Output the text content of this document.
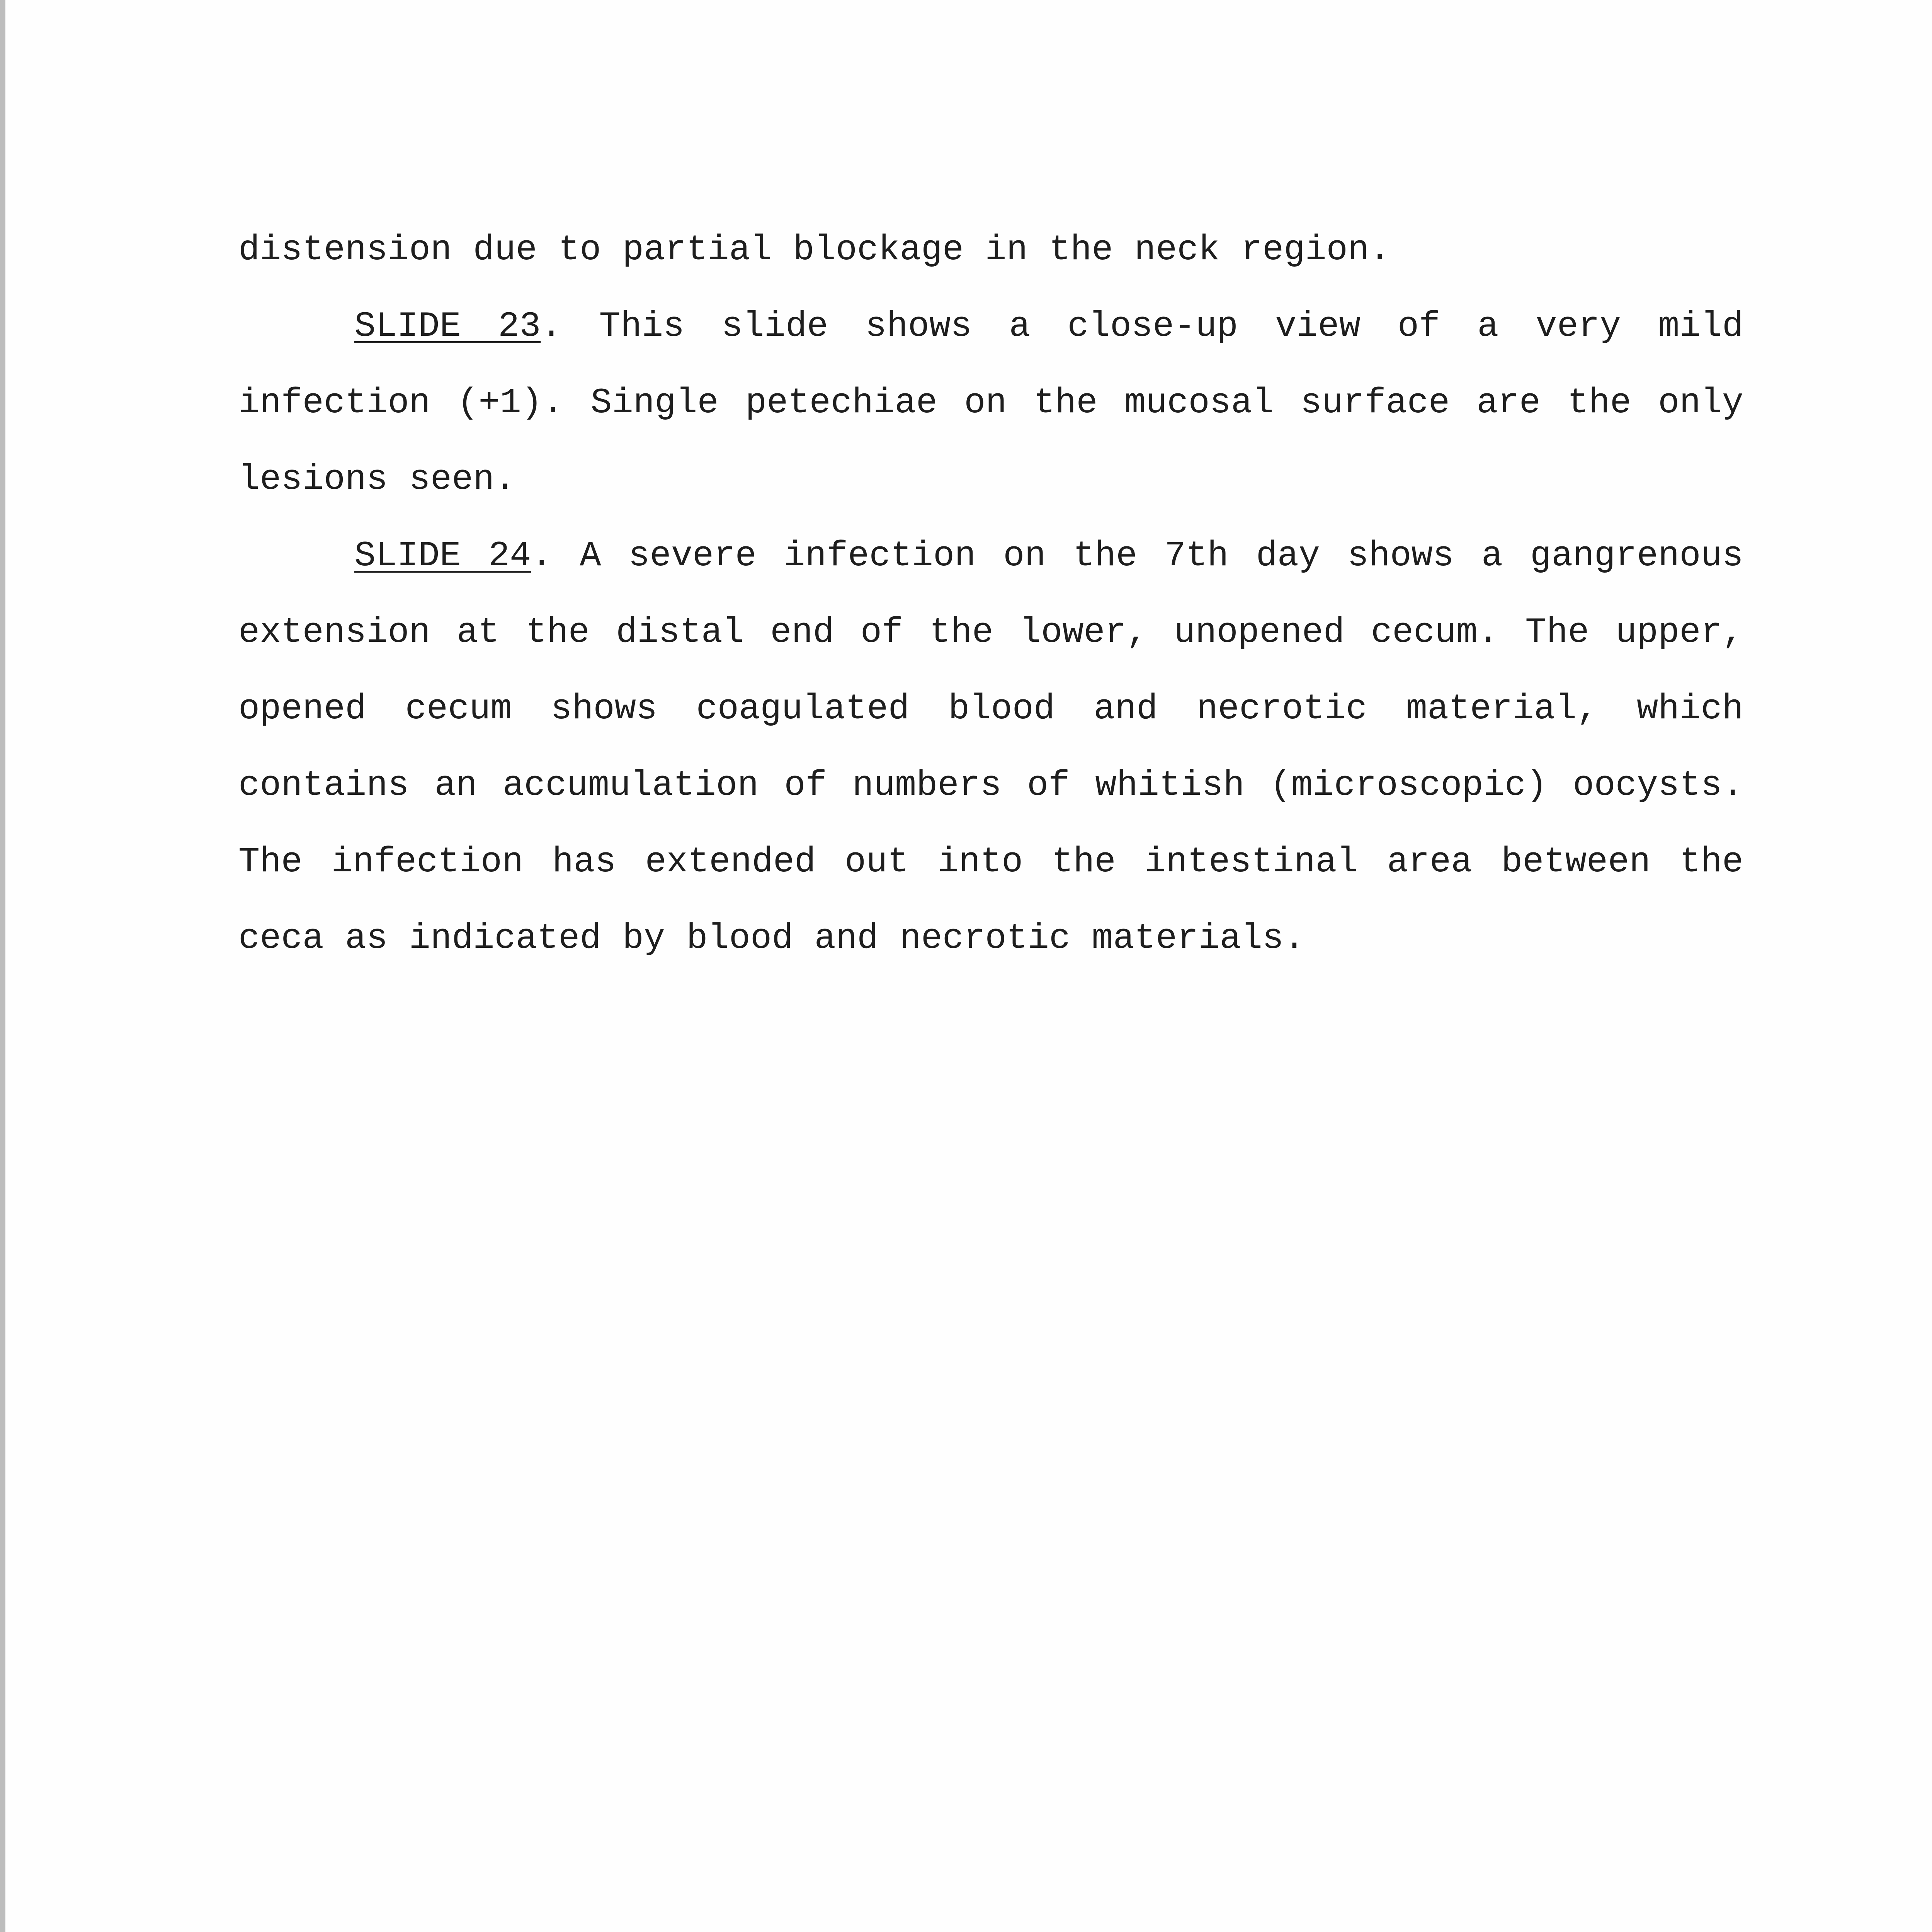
distension due to partial blockage in the neck region.

SLIDE 23. This slide shows a close-up view of a very mild infection (+1). Single petechiae on the mucosal surface are the only lesions seen.

SLIDE 24. A severe infection on the 7th day shows a gangrenous extension at the distal end of the lower, unopened cecum. The upper, opened cecum shows coagulated blood and necrotic material, which contains an accumulation of numbers of whitish (microscopic) oocysts. The infection has extended out into the intestinal area between the ceca as indicated by blood and necrotic materials.
